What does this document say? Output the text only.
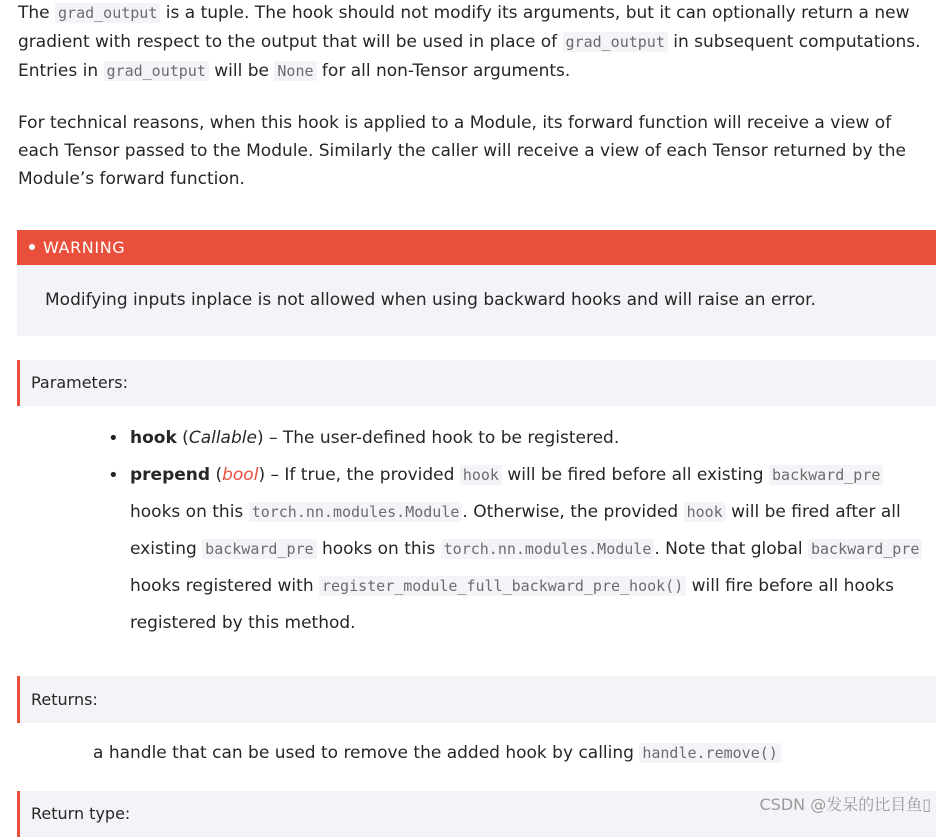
The grad_output is a tuple. The hook should not modify its arguments, but it can optionally return a new gradient with respect to the output that will be used in place of grad_output in subsequent computations. Entries in grad_output will be None for all non-Tensor arguments.

For technical reasons, when this hook is applied to a Module, its forward function will receive a view of each Tensor passed to the Module. Similarly the caller will receive a view of each Tensor returned by the Module’s forward function.

WARNING
Modifying inputs inplace is not allowed when using backward hooks and will raise an error.
Parameters:
• hook (Callable) – The user-defined hook to be registered.
• prepend (bool) – If true, the provided hook will be fired before all existing backward_pre hooks on this torch.nn.modules.Module . Otherwise, the provided hook will be fired after all existing backward_pre hooks on this torch.nn.modules.Module . Note that global backward_pre hooks registered with register_module_full_backward_pre_hook() will fire before all hooks registered by this method.
Returns:

a handle that can be used to remove the added hook by calling handle.remove()

Return type:	CSDN @发呆的比目鱼▯
